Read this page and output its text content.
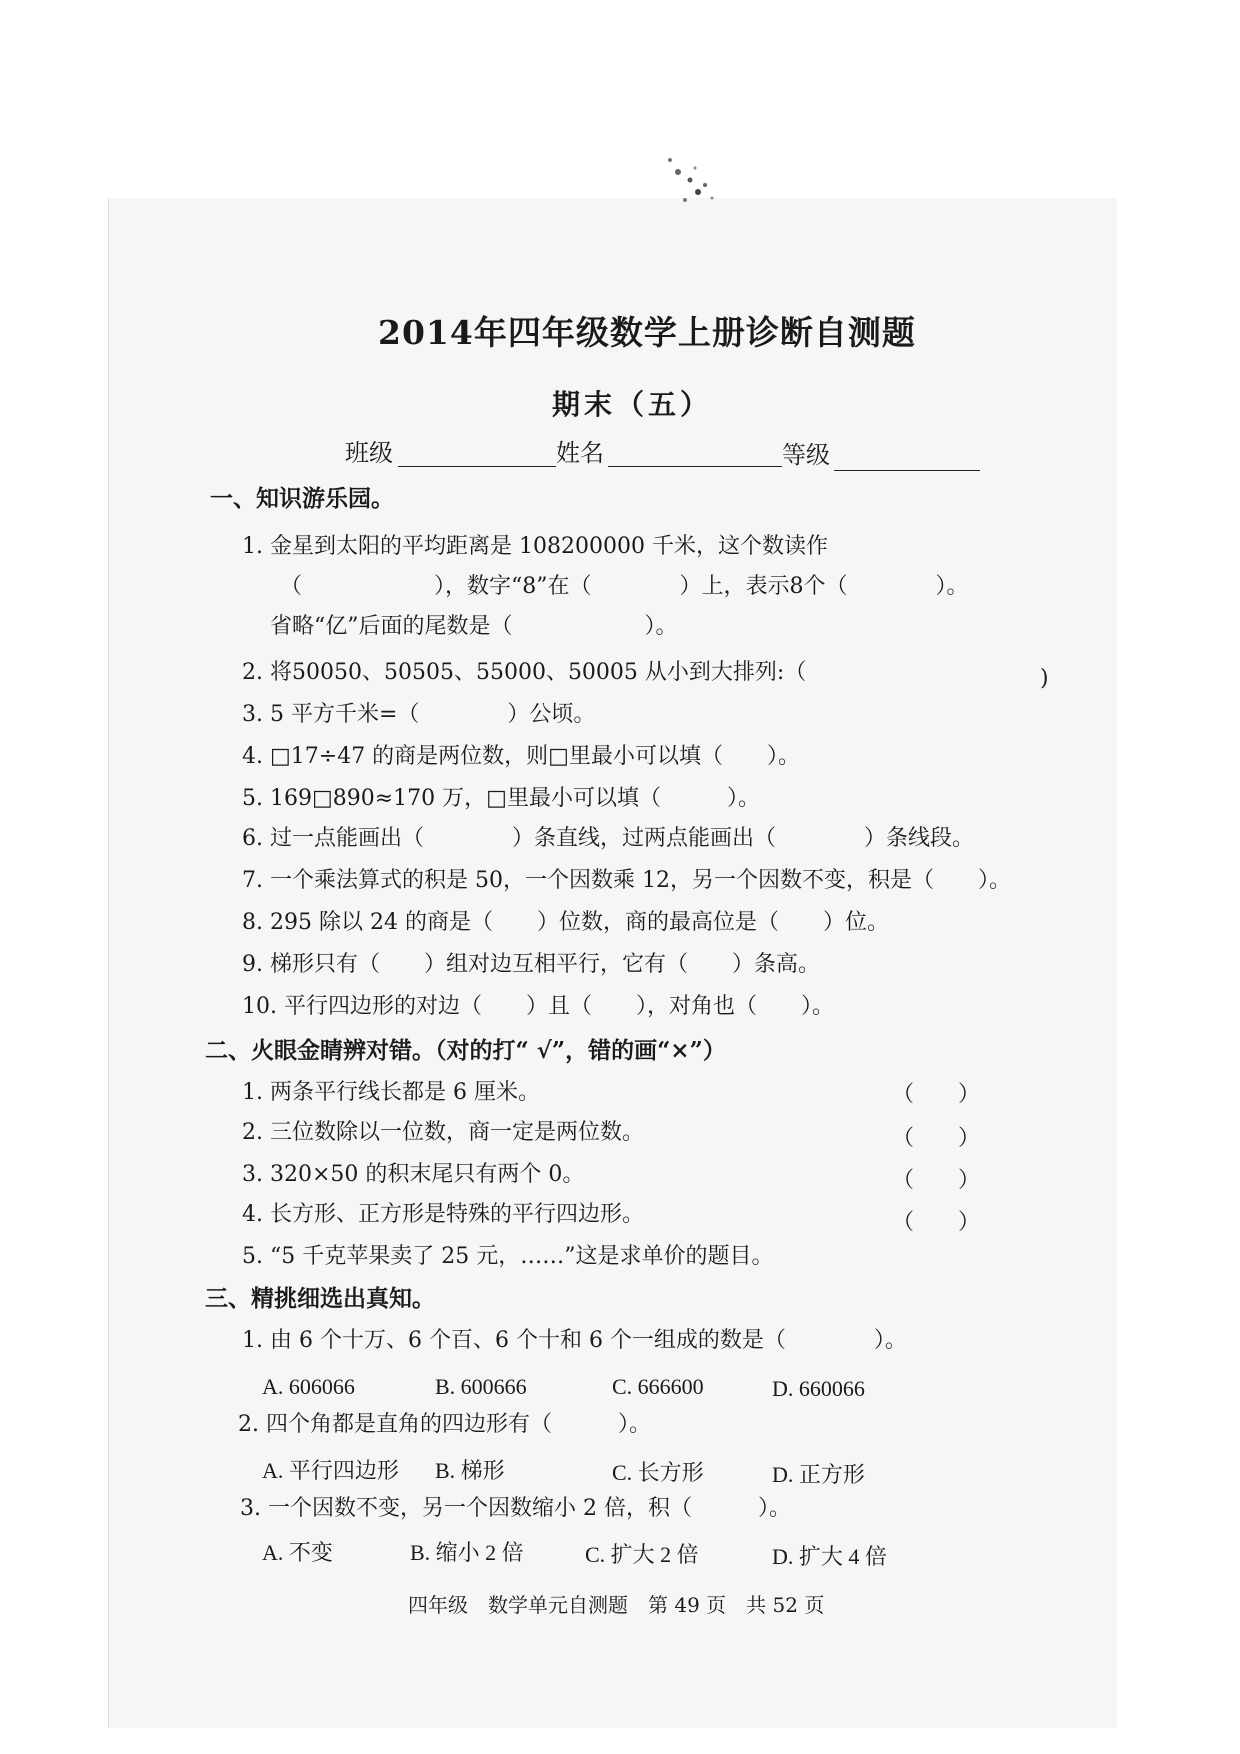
2014年四年级数学上册诊断自测题
期末（五）
班级	姓名	等级
一、知识游乐园。
1. 金星到太阳的平均距离是 108200000 千米，这个数读作
（　　　　　　），数字“8”在（　　　　）上，表示8个（　　　　）。
省略“亿”后面的尾数是（　　　　　　）。
2. 将50050、50505、55000、50005 从小到大排列:（	)
3. 5 平方千米=（　　　　）公顷。
4. □17÷47 的商是两位数，则□里最小可以填（　　）。
5. 169□890≈170 万，□里最小可以填（　　　）。
6. 过一点能画出（　　　　）条直线，过两点能画出（　　　　）条线段。
7. 一个乘法算式的积是 50，一个因数乘 12，另一个因数不变，积是（　　）。
8. 295 除以 24 的商是（　　）位数，商的最高位是（　　）位。
9. 梯形只有（　　）组对边互相平行，它有（　　）条高。
10. 平行四边形的对边（　　）且（　　），对角也（　　）。
二、火眼金睛辨对错。（对的打“ √”，错的画“×”）
1. 两条平行线长都是 6 厘米。	（　　）
2. 三位数除以一位数，商一定是两位数。	（　　）
3. 320×50 的积末尾只有两个 0。	（　　）
4. 长方形、正方形是特殊的平行四边形。	（　　）
5. “5 千克苹果卖了 25 元，……”这是求单价的题目。
三、精挑细选出真知。
1. 由 6 个十万、6 个百、6 个十和 6 个一组成的数是（　　　　）。
A. 606066	B. 600666	C. 666600	D. 660066
2. 四个角都是直角的四边形有（　　　）。
A. 平行四边形 B. 梯形	C. 长方形	D. 正方形
3. 一个因数不变，另一个因数缩小 2 倍，积（　　　）。
A. 不变	B. 缩小 2 倍	C. 扩大 2 倍	D. 扩大 4 倍
四年级　数学单元自测题　第 49 页　共 52 页
